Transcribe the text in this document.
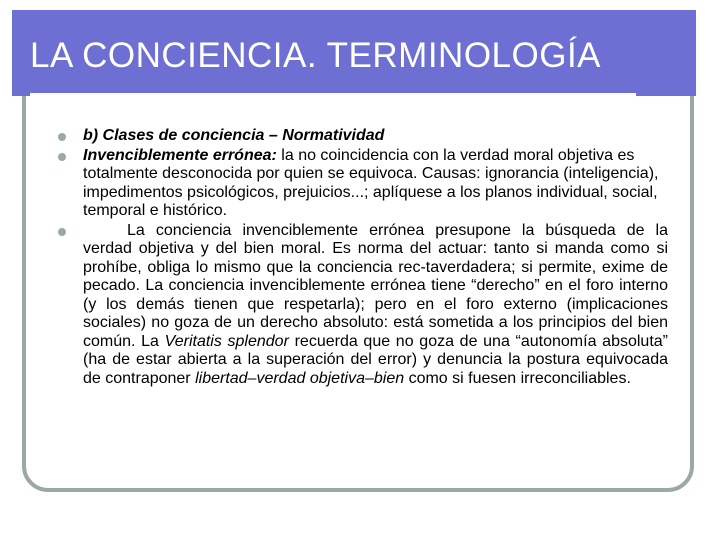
LA CONCIENCIA. TERMINOLOGÍA
b) Clases de conciencia – Normatividad
Invenciblemente errónea: la no coincidencia con la verdad moral objetiva es totalmente desconocida por quien se equivoca. Causas: ignorancia (inteligencia), impedimentos psicológicos, prejuicios...; aplíquese a los planos individual, social, temporal e histórico.
La conciencia invenciblemente errónea presupone la búsqueda de la verdad objetiva y del bien moral. Es norma del actuar: tanto si manda como si prohíbe, obliga lo mismo que la conciencia rec-taverdadera; si permite, exime de pecado. La conciencia invenciblemente errónea tiene “derecho” en el foro interno (y los demás tienen que respetarla); pero en el foro externo (implicaciones sociales) no goza de un derecho absoluto: está sometida a los principios del bien común. La Veritatis splendor recuerda que no goza de una “autonomía absoluta” (ha de estar abierta a la superación del error) y denuncia la postura equivocada de contraponer libertad–verdad objetiva–bien como si fuesen irreconciliables.
